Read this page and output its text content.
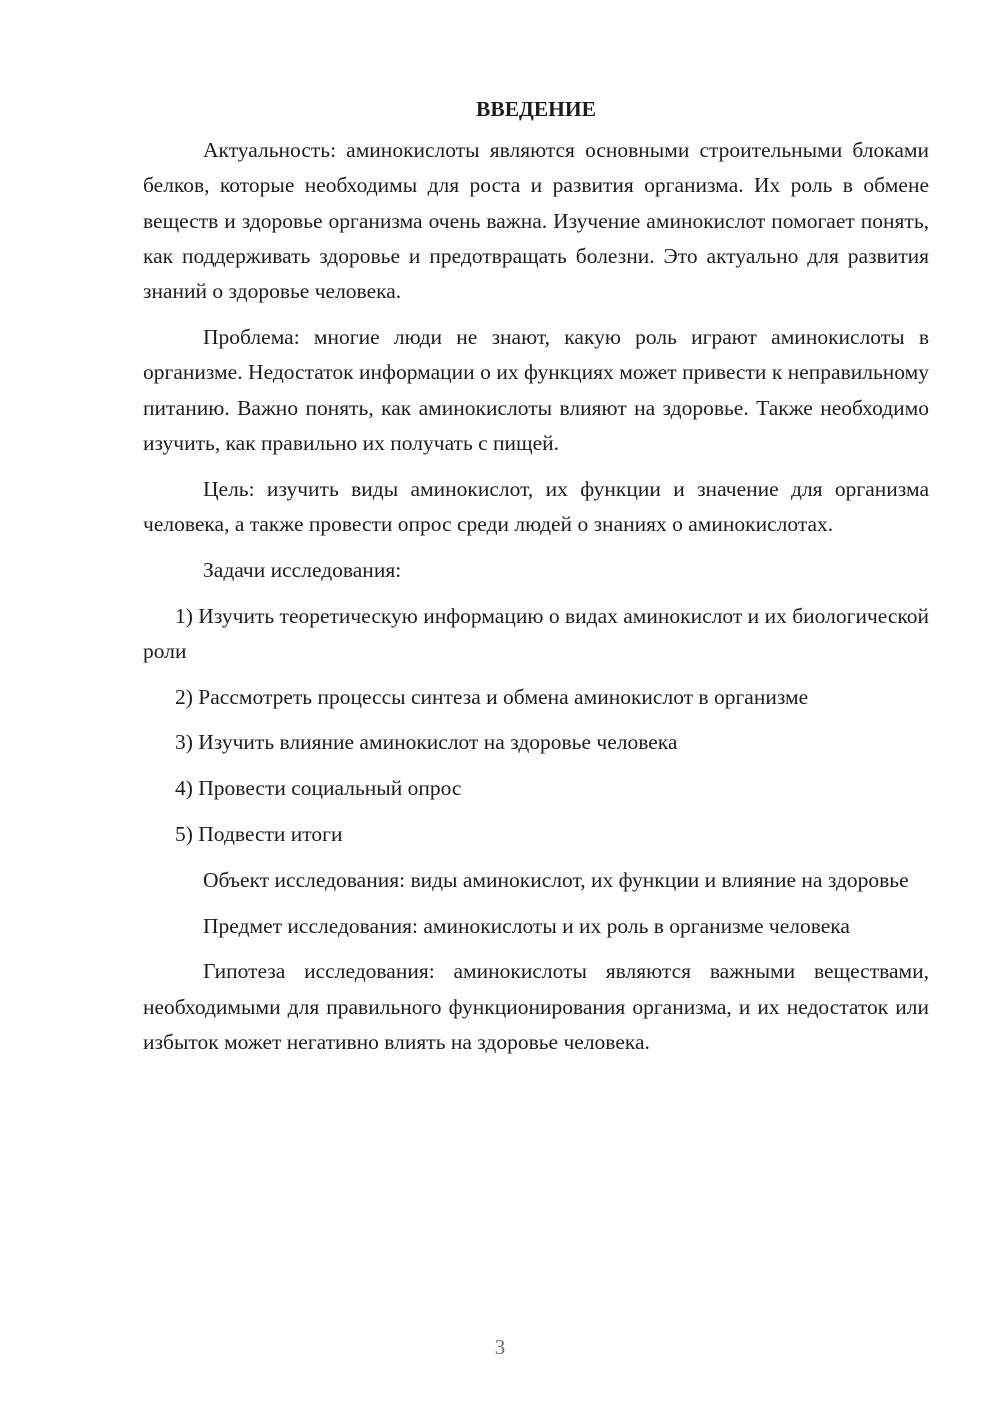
ВВЕДЕНИЕ

Актуальность: аминокислоты являются основными строительными блоками белков, которые необходимы для роста и развития организма. Их роль в обмене веществ и здоровье организма очень важна. Изучение аминокислот помогает понять, как поддерживать здоровье и предотвращать болезни. Это актуально для развития знаний о здоровье человека.

Проблема: многие люди не знают, какую роль играют аминокислоты в организме. Недостаток информации о их функциях может привести к неправильному питанию. Важно понять, как аминокислоты влияют на здоровье. Также необходимо изучить, как правильно их получать с пищей.

Цель: изучить виды аминокислот, их функции и значение для организма человека, а также провести опрос среди людей о знаниях о аминокислотах.

Задачи исследования:

1) Изучить теоретическую информацию о видах аминокислот и их биологической роли

2) Рассмотреть процессы синтеза и обмена аминокислот в организме

3) Изучить влияние аминокислот на здоровье человека

4) Провести социальный опрос

5) Подвести итоги

Объект исследования: виды аминокислот, их функции и влияние на здоровье

Предмет исследования: аминокислоты и их роль в организме человека

Гипотеза исследования: аминокислоты являются важными веществами, необходимыми для правильного функционирования организма, и их недостаток или избыток может негативно влиять на здоровье человека.

3
